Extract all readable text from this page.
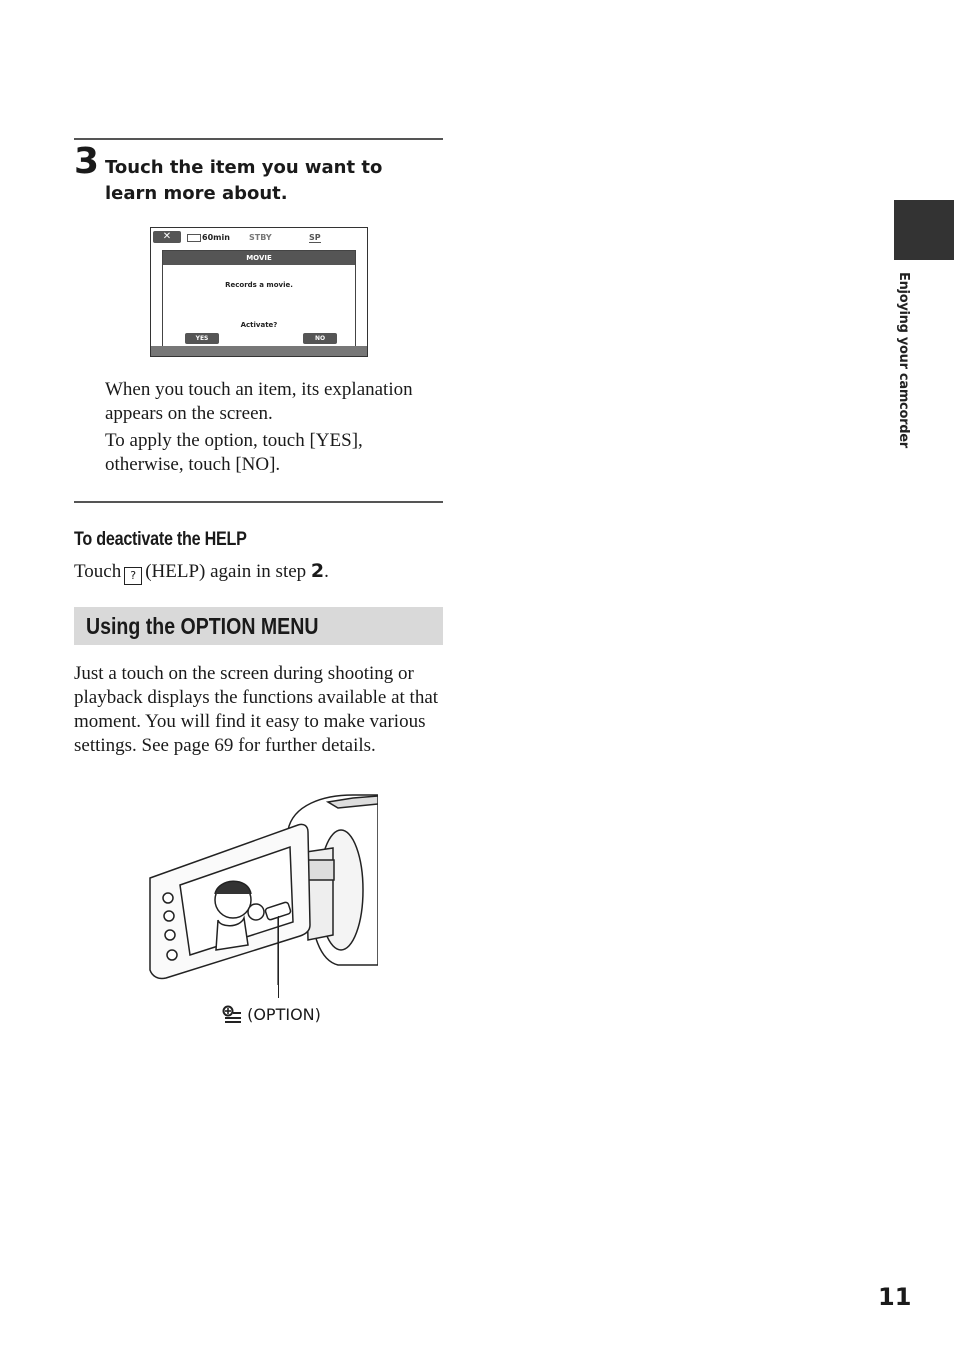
3 Touch the item you want to learn more about.
✕	60min STBY	SP
MOVIE
Records a movie.
Activate?
YES	NO
When you touch an item, its explanation appears on the screen.
To apply the option, touch [YES], otherwise, touch [NO].
To deactivate the HELP
Touch ? (HELP) again in step 2.
Using the OPTION MENU
Just a touch on the screen during shooting or playback displays the functions available at that moment. You will find it easy to make various settings. See page 69 for further details.
(OPTION)
Enjoying your camcorder
11
